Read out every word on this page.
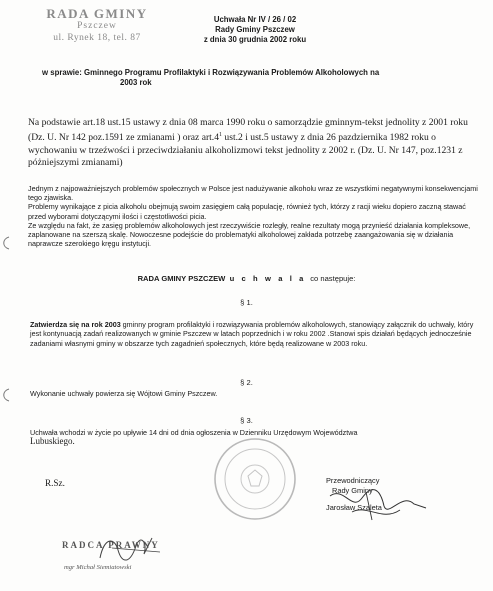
RADA GMINY
Pszczew
ul. Rynek 18, tel. 87
Uchwała Nr IV / 26 / 02
Rady Gminy Pszczew
z dnia 30 grudnia 2002 roku
w sprawie: Gminnego Programu Profilaktyki i Rozwiązywania Problemów Alkoholowych na
2003 rok
Na podstawie art.18 ust.15 ustawy z dnia 08 marca 1990 roku o samorządzie gminnym-tekst jednolity z 2001 roku (Dz. U. Nr 142 poz.1591 ze zmianami ) oraz $art.4^1$ ust.2 i ust.5 ustawy z dnia 26 pazdziernika 1982 roku o wychowaniu w trzeźwości i przeciwdziałaniu alkoholizmowi tekst jednolity z 2002 r. (Dz. U. Nr 147, poz.1231 z póżniejszymi zmianami)
Jednym z najpoważniejszych problemów społecznych w Polsce jest nadużywanie alkoholu wraz ze wszystkimi negatywnymi konsekwencjami tego zjawiska.
Problemy wynikające z picia alkoholu obejmują swoim zasięgiem całą populację, również tych, którzy z racji wieku dopiero zaczną stawać przed wyborami dotyczącymi ilości i częstotliwości picia.
Ze względu na fakt, że zasięg problemów alkoholowych jest rzeczywiście rozległy, realne rezultaty mogą przynieść działania kompleksowe, zaplanowane na szerszą skalę. Nowoczesne podejście do problematyki alkoholowej zakłada potrzebę zaangażowania się w działania naprawcze szerokiego kręgu instytucji.
RADA GMINY PSZCZEW u c h w a l a co następuje:
§ 1.
Zatwierdza się na rok 2003 gminny program profilaktyki i rozwiązywania problemów alkoholowych, stanowiący załącznik do uchwały, który jest kontynuacją zadań realizowanych w gminie Pszczew w latach poprzednich i w roku 2002 .Stanowi spis działań będących jednocześnie zadaniami własnymi gminy w obszarze tych zagadnień społecznych, które będą realizowane w 2003 roku.
§ 2.
Wykonanie uchwały powierza się Wójtowi Gminy Pszczew.
§ 3.
Uchwała wchodzi w życie po upływie 14 dni od dnia ogłoszenia w Dzienniku Urzędowym Województwa
Lubuskiego.
R.Sz.	Przewodniczący
Rady Gminy
Jarosław Szaleta
RADCA PRAWNY
mgr Michał Siemiatowski
